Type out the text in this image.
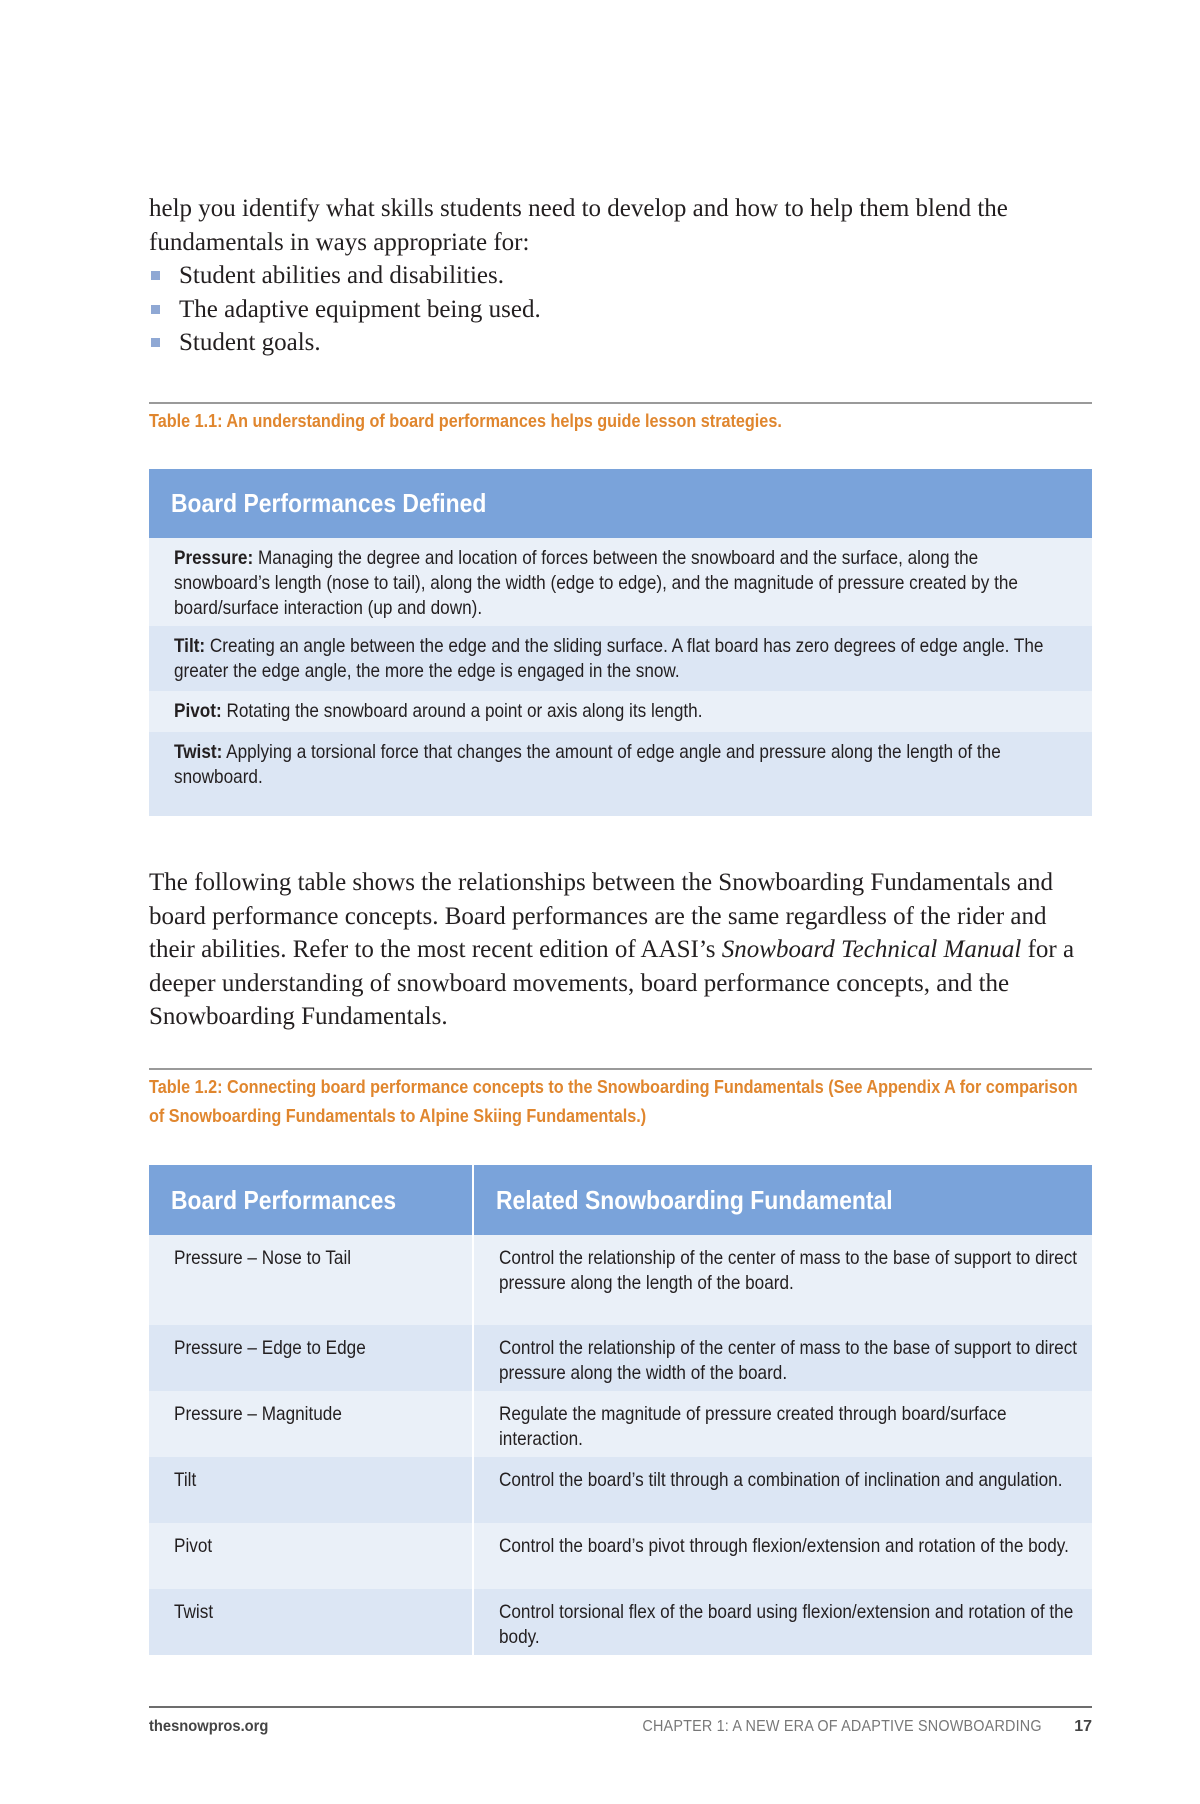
help you identify what skills students need to develop and how to help them blend the fundamentals in ways appropriate for:
Student abilities and disabilities.
The adaptive equipment being used.
Student goals.
Table 1.1: An understanding of board performances helps guide lesson strategies.
Board Performances Defined
Pressure: Managing the degree and location of forces between the snowboard and the surface, along the snowboard’s length (nose to tail), along the width (edge to edge), and the magnitude of pressure created by the board/surface interaction (up and down).
Tilt: Creating an angle between the edge and the sliding surface. A flat board has zero degrees of edge angle. The greater the edge angle, the more the edge is engaged in the snow.
Pivot: Rotating the snowboard around a point or axis along its length.
Twist: Applying a torsional force that changes the amount of edge angle and pressure along the length of the snowboard.

The following table shows the relationships between the Snowboarding Fundamentals and board performance concepts. Board performances are the same regardless of the rider and their abilities. Refer to the most recent edition of AASI’s Snowboard Technical Manual for a deeper understanding of snowboard movements, board performance concepts, and the Snowboarding Fundamentals.

Table 1.2: Connecting board performance concepts to the Snowboarding Fundamentals (See Appendix A for comparison of Snowboarding Fundamentals to Alpine Skiing Fundamentals.)
Board Performances	Related Snowboarding Fundamental
Pressure – Nose to Tail	Control the relationship of the center of mass to the base of support to direct pressure along the length of the board.
Pressure – Edge to Edge	Control the relationship of the center of mass to the base of support to direct pressure along the width of the board.
Pressure – Magnitude	Regulate the magnitude of pressure created through board/surface interaction.
Tilt	Control the board’s tilt through a combination of inclination and angulation.
Pivot	Control the board’s pivot through flexion/extension and rotation of the body.
Twist	Control torsional flex of the board using flexion/extension and rotation of the body.
thesnowpros.org	CHAPTER 1: A NEW ERA OF ADAPTIVE SNOWBOARDING 17
